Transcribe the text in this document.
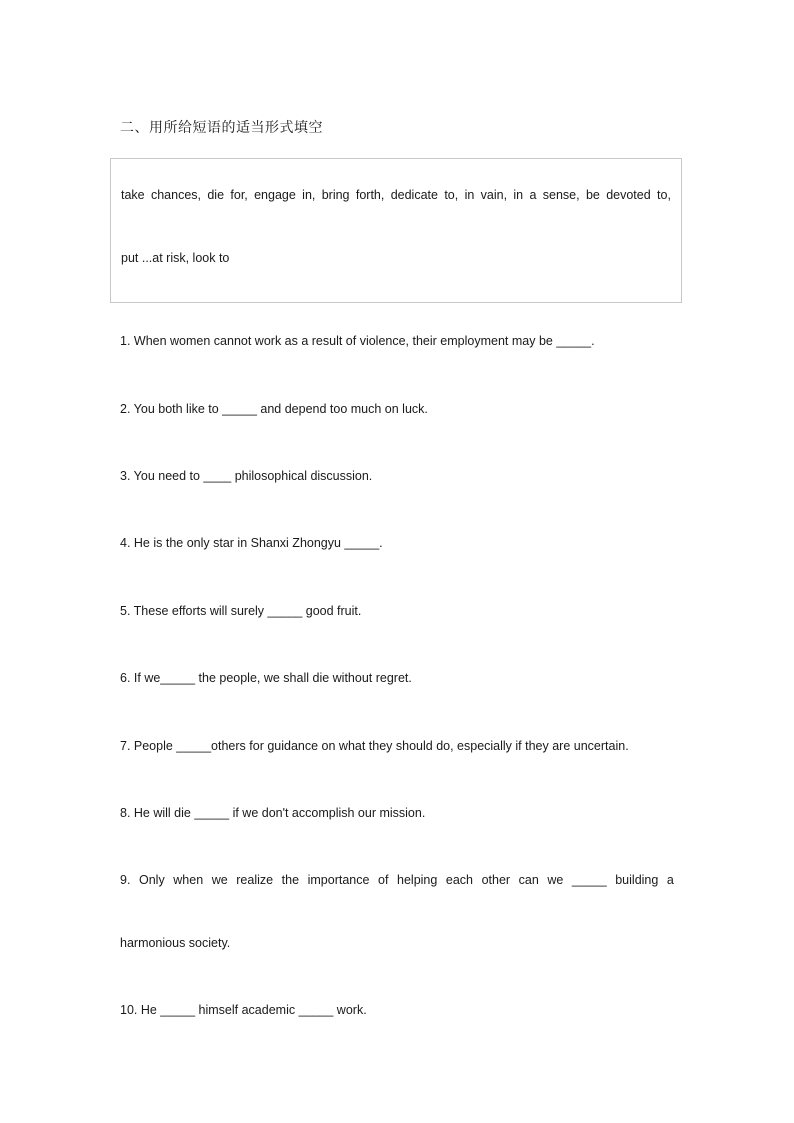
二、用所给短语的适当形式填空
take chances, die for, engage in, bring forth, dedicate to, in vain, in a sense, be devoted to,
put ...at risk, look to
1. When women cannot work as a result of violence, their employment may be _____.
2. You both like to _____ and depend too much on luck.
3. You need to ____ philosophical discussion.
4. He is the only star in Shanxi Zhongyu _____.
5. These efforts will surely _____ good fruit.
6. If we_____ the people, we shall die without regret.
7. People _____others for guidance on what they should do, especially if they are uncertain.
8. He will die _____ if we don't accomplish our mission.
9. Only when we realize the importance of helping each other can we _____ building a
harmonious society.
10. He _____ himself academic _____ work.
